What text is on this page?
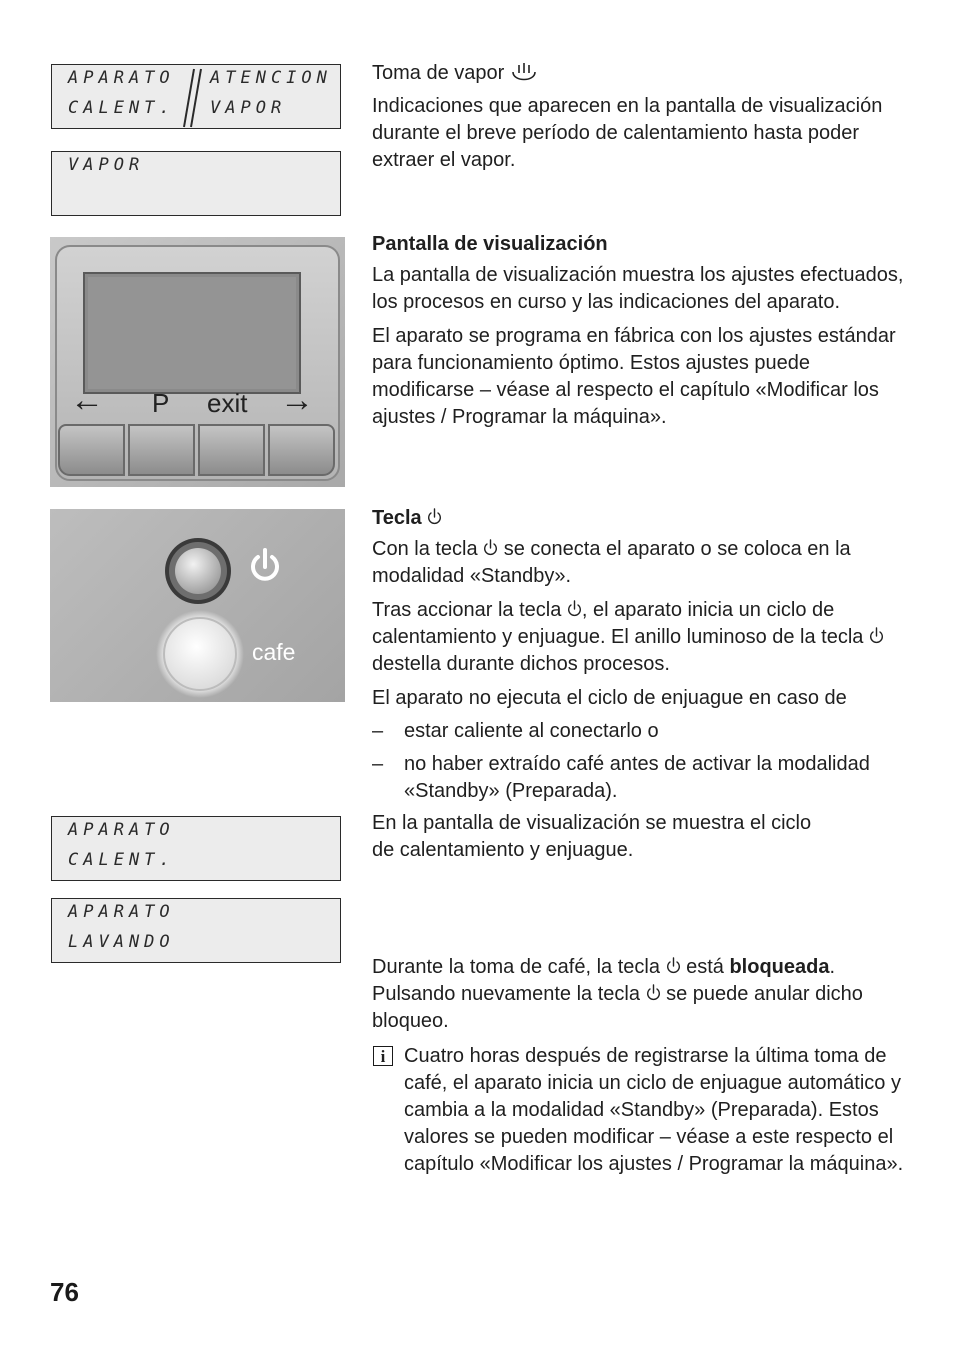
APARATO
CALENT.
ATENCION
VAPOR
VAPOR
← P exit →
cafe
APARATO
CALENT.
APARATO
LAVANDO

Toma de vapor

Indicaciones que aparecen en la pantalla de visualización durante el breve período de calentamiento hasta poder extraer el vapor.

Pantalla de visualización

La pantalla de visualización muestra los ajustes efectuados, los procesos en curso y las indicaciones del aparato.

El aparato se programa en fábrica con los ajustes estándar para funcionamiento óptimo. Estos ajustes puede modificarse – véase al respecto el capítulo «Modificar los ajustes / Programar la máquina».

Tecla

Con la tecla se conecta el aparato o se coloca en la modalidad «Standby».

Tras accionar la tecla , el aparato inicia un ciclo de calentamiento y enjuague. El anillo luminoso de la tecla  destella durante dichos procesos.

El aparato no ejecuta el ciclo de enjuague en caso de

– estar caliente al conectarlo o
– no haber extraído café antes de activar la modalidad «Standby» (Preparada).

En la pantalla de visualización se muestra el ciclo
de calentamiento y enjuague.

Durante la toma de café, la tecla está bloqueada. Pulsando nuevamente la tecla se puede anular dicho bloqueo.

i Cuatro horas después de registrarse la última toma de café, el aparato inicia un ciclo de enjuague automático y cambia a la modalidad «Standby» (Preparada). Estos valores se pueden modificar – véase a este respecto el capítulo «Modificar los ajustes / Programar la máquina».
76
